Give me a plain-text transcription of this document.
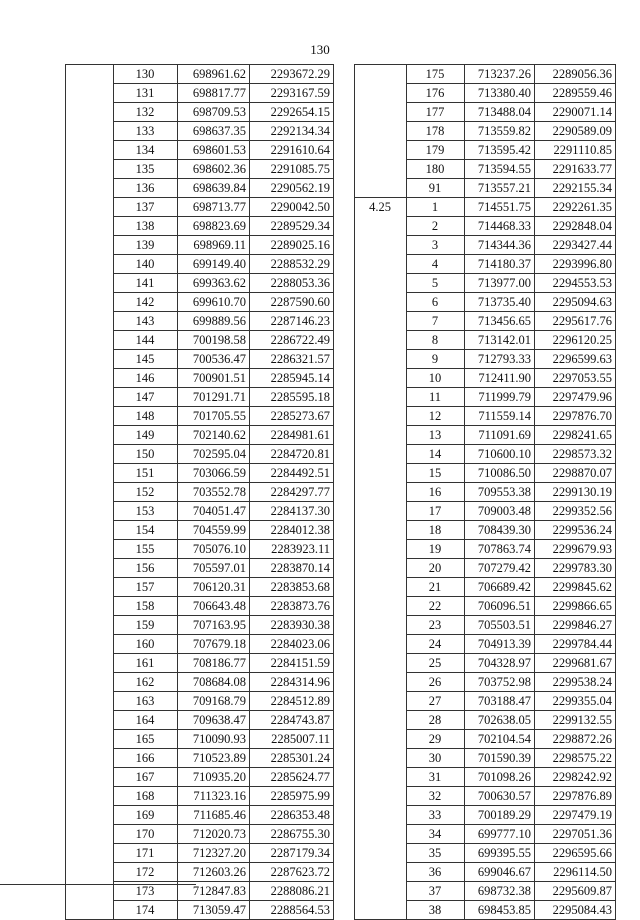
130
	130	698961.62	2293672.29
	131	698817.77	2293167.59
	132	698709.53	2292654.15
	133	698637.35	2292134.34
	134	698601.53	2291610.64
	135	698602.36	2291085.75
	136	698639.84	2290562.19
	137	698713.77	2290042.50
	138	698823.69	2289529.34
	139	698969.11	2289025.16
	140	699149.40	2288532.29
	141	699363.62	2288053.36
	142	699610.70	2287590.60
	143	699889.56	2287146.23
	144	700198.58	2286722.49
	145	700536.47	2286321.57
	146	700901.51	2285945.14
	147	701291.71	2285595.18
	148	701705.55	2285273.67
	149	702140.62	2284981.61
	150	702595.04	2284720.81
	151	703066.59	2284492.51
	152	703552.78	2284297.77
	153	704051.47	2284137.30
	154	704559.99	2284012.38
	155	705076.10	2283923.11
	156	705597.01	2283870.14
	157	706120.31	2283853.68
	158	706643.48	2283873.76
	159	707163.95	2283930.38
	160	707679.18	2284023.06
	161	708186.77	2284151.59
	162	708684.08	2284314.96
	163	709168.79	2284512.89
	164	709638.47	2284743.87
	165	710090.93	2285007.11
	166	710523.89	2285301.24
	167	710935.20	2285624.77
	168	711323.16	2285975.99
	169	711685.46	2286353.48
	170	712020.73	2286755.30
	171	712327.20	2287179.34
	172	712603.26	2287623.72
	173	712847.83	2288086.21
	174	713059.47	2288564.53
	175	713237.26	2289056.36
	176	713380.40	2289559.46
	177	713488.04	2290071.14
	178	713559.82	2290589.09
	179	713595.42	2291110.85
	180	713594.55	2291633.77
	91	713557.21	2292155.34
4.25	1	714551.75	2292261.35
	2	714468.33	2292848.04
	3	714344.36	2293427.44
	4	714180.37	2293996.80
	5	713977.00	2294553.53
	6	713735.40	2295094.63
	7	713456.65	2295617.76
	8	713142.01	2296120.25
	9	712793.33	2296599.63
	10	712411.90	2297053.55
	11	711999.79	2297479.96
	12	711559.14	2297876.70
	13	711091.69	2298241.65
	14	710600.10	2298573.32
	15	710086.50	2298870.07
	16	709553.38	2299130.19
	17	709003.48	2299352.56
	18	708439.30	2299536.24
	19	707863.74	2299679.93
	20	707279.42	2299783.30
	21	706689.42	2299845.62
	22	706096.51	2299866.65
	23	705503.51	2299846.27
	24	704913.39	2299784.44
	25	704328.97	2299681.67
	26	703752.98	2299538.24
	27	703188.47	2299355.04
	28	702638.05	2299132.55
	29	702104.54	2298872.26
	30	701590.39	2298575.22
	31	701098.26	2298242.92
	32	700630.57	2297876.89
	33	700189.29	2297479.19
	34	699777.10	2297051.36
	35	699395.55	2296595.66
	36	699046.67	2296114.50
	37	698732.38	2295609.87
	38	698453.85	2295084.43
